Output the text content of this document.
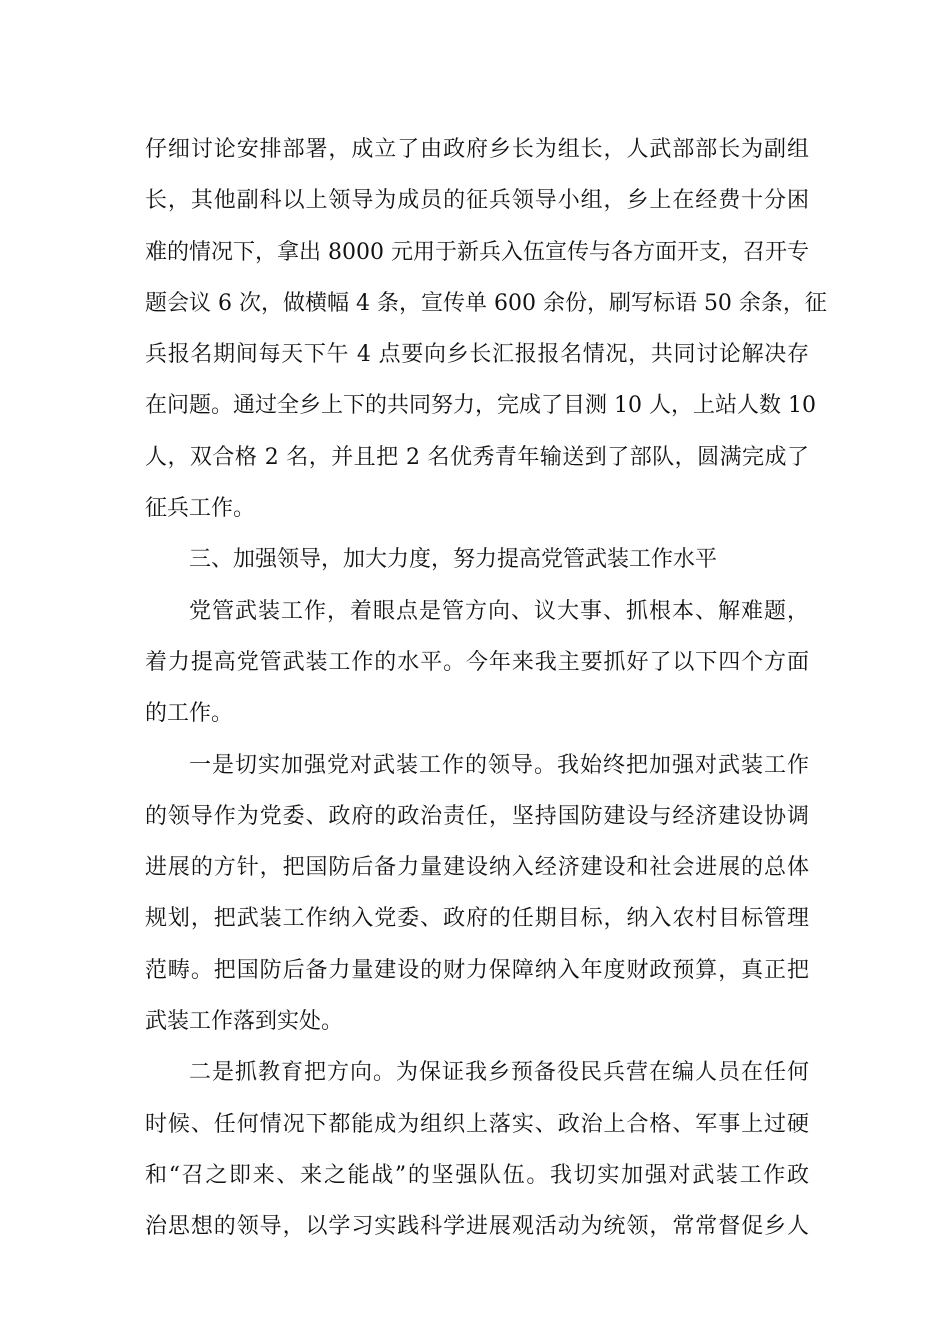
仔细讨论安排部署，成立了由政府乡长为组长，人武部部长为副组
长，其他副科以上领导为成员的征兵领导小组，乡上在经费十分困
难的情况下，拿出 8000 元用于新兵入伍宣传与各方面开支，召开专
题会议 6 次，做横幅 4 条，宣传单 600 余份，刷写标语 50 余条，征
兵报名期间每天下午 4 点要向乡长汇报报名情况，共同讨论解决存
在问题。通过全乡上下的共同努力，完成了目测 10 人，上站人数 10
人，双合格 2 名，并且把 2 名优秀青年输送到了部队，圆满完成了
征兵工作。
三、加强领导，加大力度，努力提高党管武装工作水平
党管武装工作，着眼点是管方向、议大事、抓根本、解难题，
着力提高党管武装工作的水平。今年来我主要抓好了以下四个方面
的工作。
一是切实加强党对武装工作的领导。我始终把加强对武装工作
的领导作为党委、政府的政治责任，坚持国防建设与经济建设协调
进展的方针，把国防后备力量建设纳入经济建设和社会进展的总体
规划，把武装工作纳入党委、政府的任期目标，纳入农村目标管理
范畴。把国防后备力量建设的财力保障纳入年度财政预算，真正把
武装工作落到实处。
二是抓教育把方向。为保证我乡预备役民兵营在编人员在任何
时候、任何情况下都能成为组织上落实、政治上合格、军事上过硬
和“召之即来、来之能战”的坚强队伍。我切实加强对武装工作政
治思想的领导，以学习实践科学进展观活动为统领，常常督促乡人
